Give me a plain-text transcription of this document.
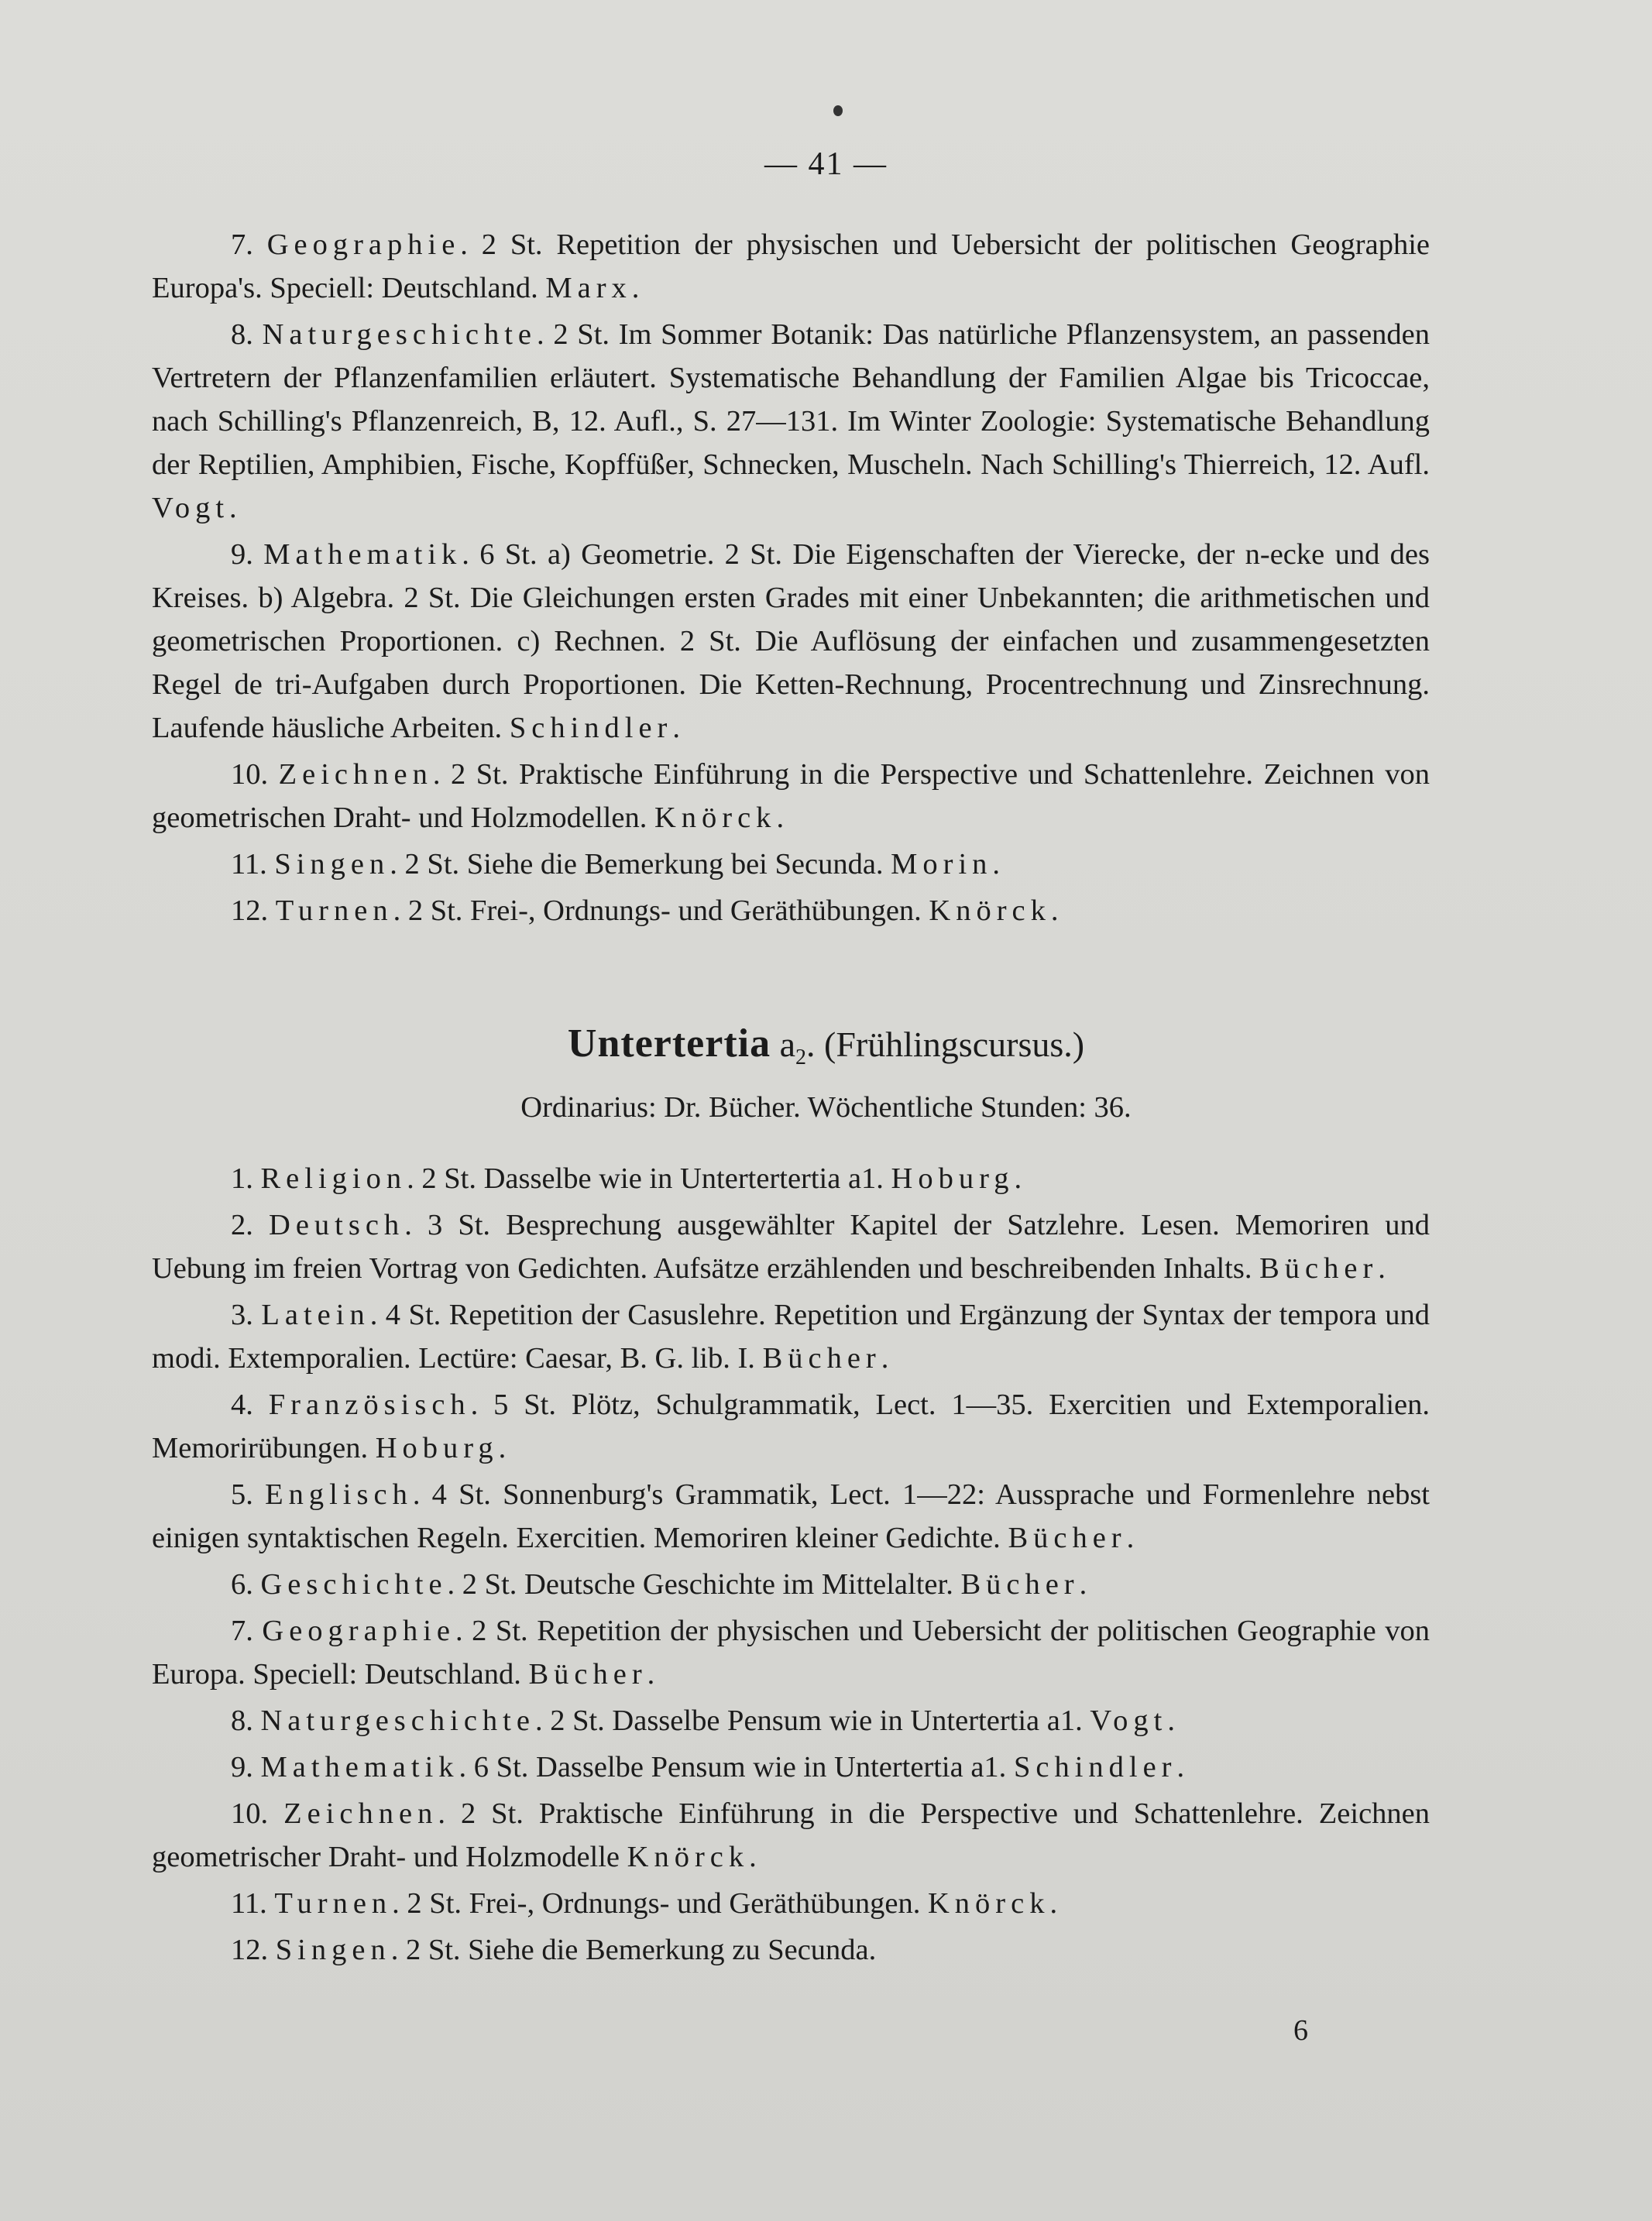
— 41 —

7. Geographie. 2 St. Repetition der physischen und Uebersicht der politischen Geographie Europa's. Speciell: Deutschland. Marx.

8. Naturgeschichte. 2 St. Im Sommer Botanik: Das natürliche Pflanzensystem, an passenden Vertretern der Pflanzenfamilien erläutert. Systematische Behandlung der Familien Algae bis Tricoccae, nach Schilling's Pflanzenreich, B, 12. Aufl., S. 27—131. Im Winter Zoologie: Systematische Behandlung der Reptilien, Amphibien, Fische, Kopffüßer, Schnecken, Muscheln. Nach Schilling's Thierreich, 12. Aufl. Vogt.

9. Mathematik. 6 St. a) Geometrie. 2 St. Die Eigenschaften der Vierecke, der n-ecke und des Kreises. b) Algebra. 2 St. Die Gleichungen ersten Grades mit einer Unbekannten; die arithmetischen und geometrischen Proportionen. c) Rechnen. 2 St. Die Auflösung der einfachen und zusammengesetzten Regel de tri-Aufgaben durch Proportionen. Die Ketten-Rechnung, Procentrechnung und Zinsrechnung. Laufende häusliche Arbeiten. Schindler.

10. Zeichnen. 2 St. Praktische Einführung in die Perspective und Schattenlehre. Zeichnen von geometrischen Draht- und Holzmodellen. Knörck.

11. Singen. 2 St. Siehe die Bemerkung bei Secunda. Morin.

12. Turnen. 2 St. Frei-, Ordnungs- und Geräthübungen. Knörck.

Untertertia $a_2$. (Frühlingscursus.)
Ordinarius: Dr. Bücher. Wöchentliche Stunden: 36.

1. Religion. 2 St. Dasselbe wie in Untertertertia a1. Hoburg.

2. Deutsch. 3 St. Besprechung ausgewählter Kapitel der Satzlehre. Lesen. Memoriren und Uebung im freien Vortrag von Gedichten. Aufsätze erzählenden und beschreibenden Inhalts. Bücher.

3. Latein. 4 St. Repetition der Casuslehre. Repetition und Ergänzung der Syntax der tempora und modi. Extemporalien. Lectüre: Caesar, B. G. lib. I. Bücher.

4. Französisch. 5 St. Plötz, Schulgrammatik, Lect. 1—35. Exercitien und Extemporalien. Memorirübungen. Hoburg.

5. Englisch. 4 St. Sonnenburg's Grammatik, Lect. 1—22: Aussprache und Formenlehre nebst einigen syntaktischen Regeln. Exercitien. Memoriren kleiner Gedichte. Bücher.

6. Geschichte. 2 St. Deutsche Geschichte im Mittelalter. Bücher.

7. Geographie. 2 St. Repetition der physischen und Uebersicht der politischen Geographie von Europa. Speciell: Deutschland. Bücher.

8. Naturgeschichte. 2 St. Dasselbe Pensum wie in Untertertia a1. Vogt.

9. Mathematik. 6 St. Dasselbe Pensum wie in Untertertia a1. Schindler.

10. Zeichnen. 2 St. Praktische Einführung in die Perspective und Schattenlehre. Zeichnen geometrischer Draht- und Holzmodelle Knörck.

11. Turnen. 2 St. Frei-, Ordnungs- und Geräthübungen. Knörck.

12. Singen. 2 St. Siehe die Bemerkung zu Secunda.

6
